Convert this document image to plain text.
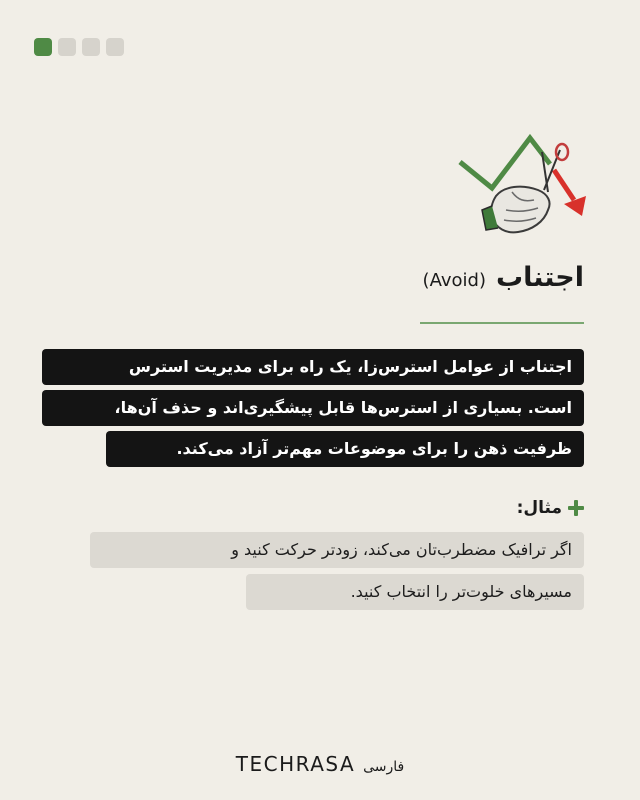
اجتناب
(Avoid)
اجتناب از عوامل استرس‌زا، یک راه برای مدیریت استرس
است. بسیاری از استرس‌ها قابل پیشگیری‌اند و حذف آن‌ها،
ظرفیت ذهن را برای موضوعات مهم‌تر آزاد می‌کند.
مثال:
اگر ترافیک مضطرب‌تان می‌کند، زودتر حرکت کنید و
مسیرهای خلوت‌تر را انتخاب کنید.
TECHRASA فارسی
